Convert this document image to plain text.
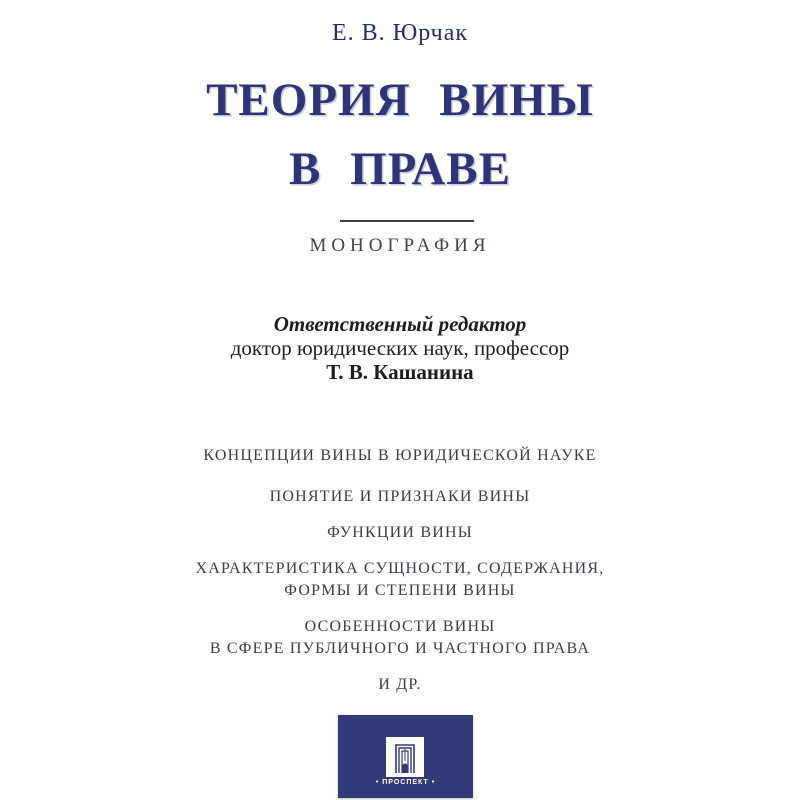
Е. В. Юрчак
ТЕОРИЯ ВИНЫ
В ПРАВЕ
МОНОГРАФИЯ
Ответственный редактор
доктор юридических наук, профессор
Т. В. Кашанина
КОНЦЕПЦИИ ВИНЫ В ЮРИДИЧЕСКОЙ НАУКЕ
ПОНЯТИЕ И ПРИЗНАКИ ВИНЫ
ФУНКЦИИ ВИНЫ
ХАРАКТЕРИСТИКА СУЩНОСТИ, СОДЕРЖАНИЯ,
ФОРМЫ И СТЕПЕНИ ВИНЫ
ОСОБЕННОСТИ ВИНЫ
В СФЕРЕ ПУБЛИЧНОГО И ЧАСТНОГО ПРАВА
И ДР.
• ПРОСПЕКТ •
